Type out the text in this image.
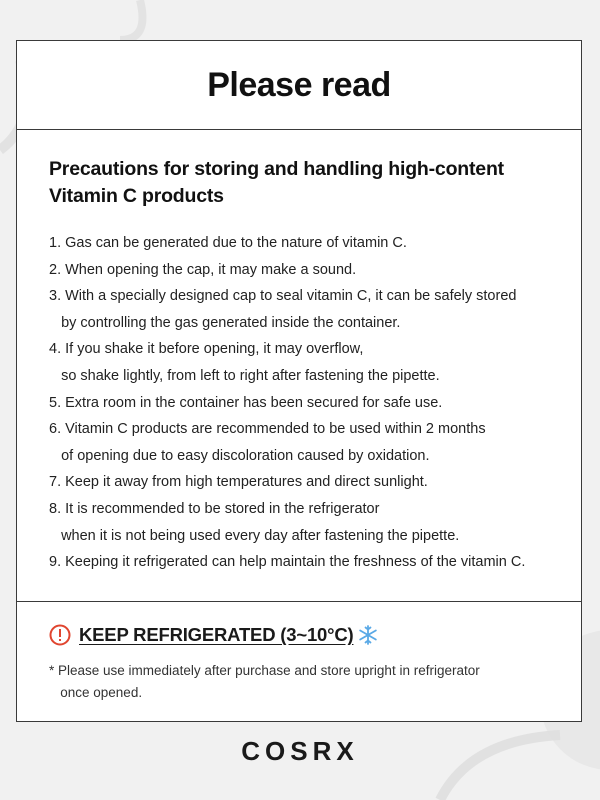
Please read
Precautions for storing and handling high-content
Vitamin C products
1. Gas can be generated due to the nature of vitamin C.
2. When opening the cap, it may make a sound.
3. With a specially designed cap to seal vitamin C, it can be safely stored
by controlling the gas generated inside the container.
4. If you shake it before opening, it may overflow,
so shake lightly, from left to right after fastening the pipette.
5. Extra room in the container has been secured for safe use.
6. Vitamin C products are recommended to be used within 2 months
of opening due to easy discoloration caused by oxidation.
7. Keep it away from high temperatures and direct sunlight.
8. It is recommended to be stored in the refrigerator
when it is not being used every day after fastening the pipette.
9. Keeping it refrigerated can help maintain the freshness of the vitamin C.
KEEP REFRIGERATED (3~10°C)

* Please use immediately after purchase and store upright in refrigerator
once opened.

COSRX
